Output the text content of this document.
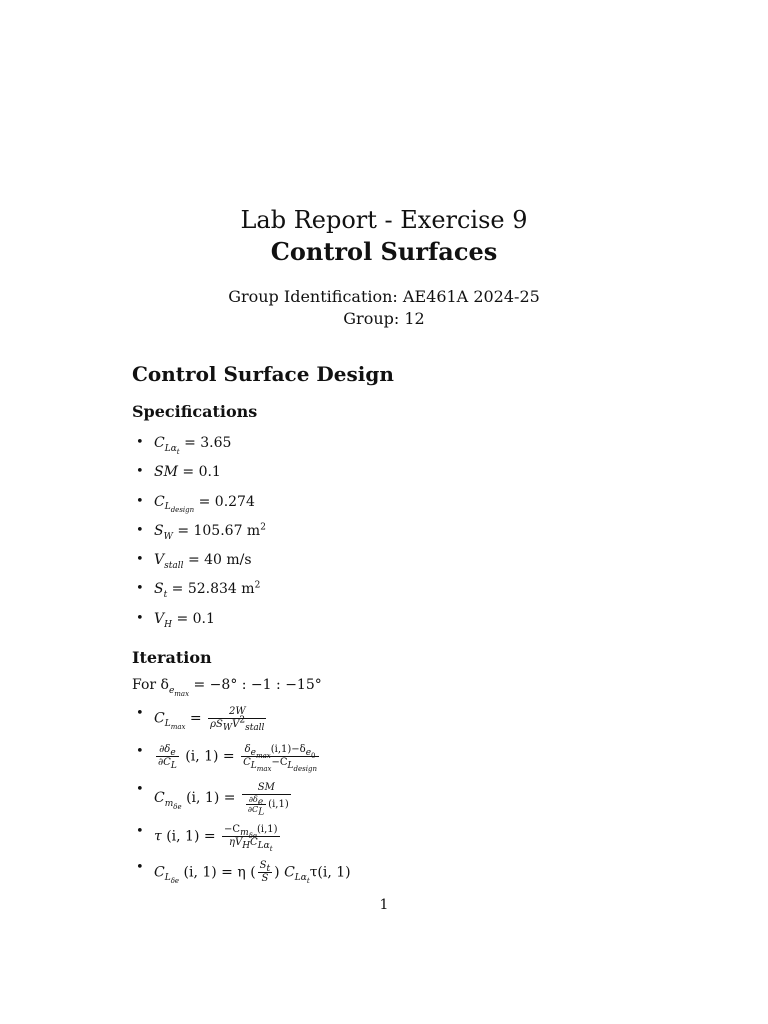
Lab Report - Exercise 9
Control Surfaces
Group Identification: AE461A 2024-25
Group: 12
Control Surface Design
Specifications
• $C_{L\alpha_t} = 3.65$
• SM = 0.1
• $C_{L_{design}} = 0.274$
• $S_W = 105.67$ $m^2$
• $V_{stall} = 40$ m/s
• $S_t = 52.834$ $m^2$
• $V_H = 0.1$
Iteration

For $\delta_{e_{max}} = -8^\circ$ : −1 : −15°

• $C_{L_{max}} = \frac{2W}{\rho S_WV^2_{stall}}$
• $\frac{\partial\delta_e}{\partial C_L} (i$, $1) = \frac{\delta_{e_{max}}(i,1)-\delta_{e_0}}{C_{L_{max}}-C_{L_{design}}}$
•
$C_{m_{\delta e}}$ (i, $1) = \frac{SM}{\frac{\partial\delta_e}{\partial C_L} (i,1)}$
• τ (i, $1) = \frac{-C_{m_{\delta e}}(i,1)}{\eta V_HC_{L\alpha_t}}$
• $C_{L_{\delta e}}$ (i, 1) = η ( $\frac{S_t}{S}$ ) $C_{L\alpha_t}\tau(i$, 1)
1
